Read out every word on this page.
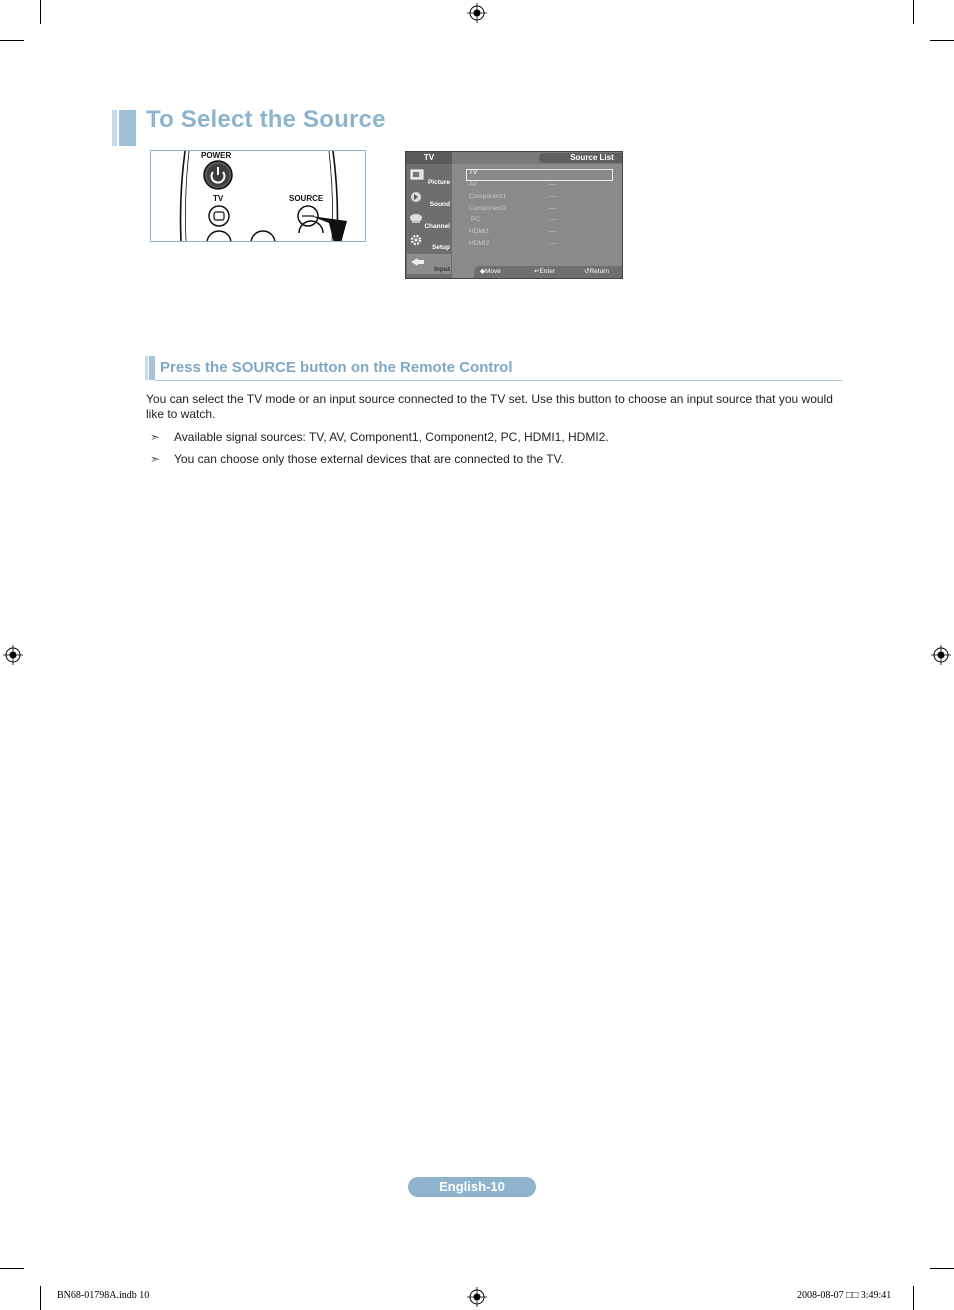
To Select the Source
POWER
TV	SOURCE
TV	Source List
Picture
Sound
Channel
Setup
Input
TV
AV	: ----
Component1	: ----
Component2	: ----
PC	: ----
HDMI1	: ----
HDMI2	: ----
◆ Move	↵ Enter	↺ Return
Press the SOURCE button on the Remote Control
You can select the TV mode or an input source connected to the TV set. Use this button to choose an input source that you would like to watch.
➣ Available signal sources: TV, AV, Component1, Component2, PC, HDMI1, HDMI2.
➣ You can choose only those external devices that are connected to the TV.
English-10
BN68-01798A.indb 10	2008-08-07 □□ 3:49:41
